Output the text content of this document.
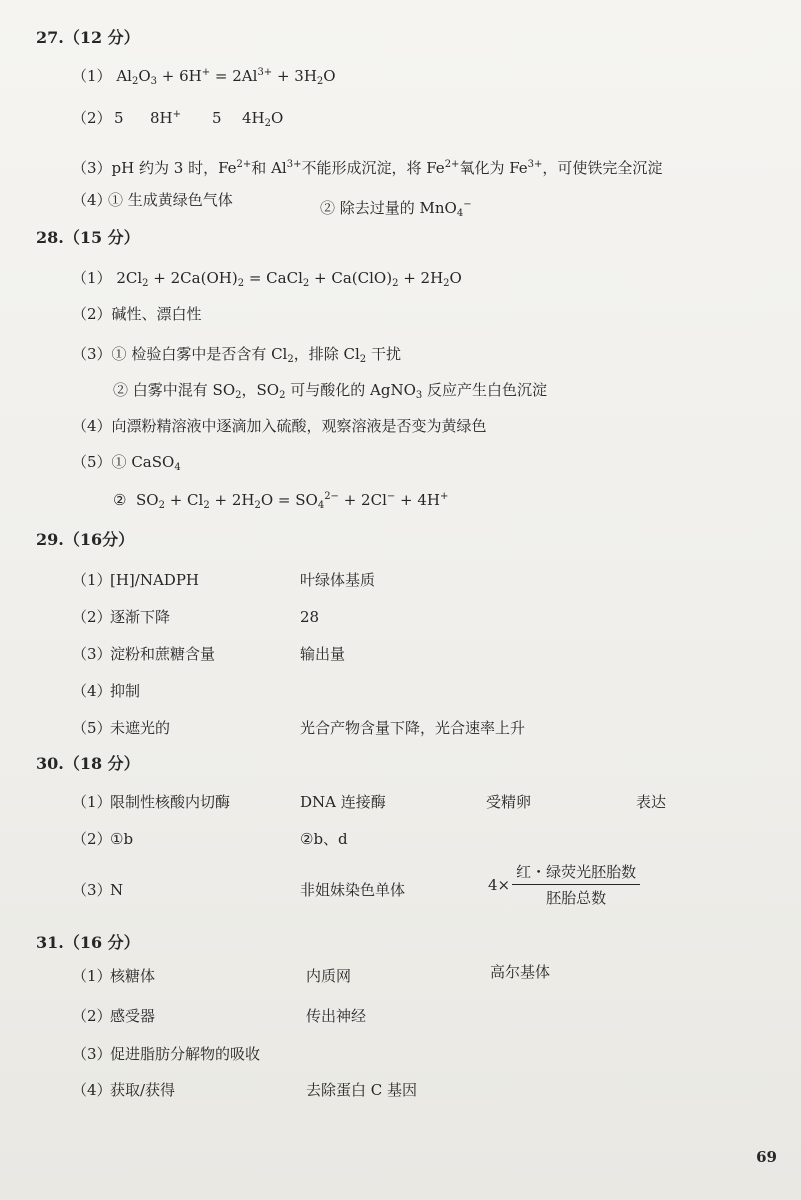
27.（12 分）
（1） $Al_2O_3 + 6H^+ = 2Al^{3+} + 3H_2O$
（2） 5 8H+ 5 $4H_2O$
（3）pH 约为 3 时，$Fe^{2+}$和 $Al^{3+}$不能形成沉淀，将 $Fe^{2+}$氧化为 $Fe^{3+}$，可使铁完全沉淀
（4）
① 生成黄绿色气体	② 除去过量的 MnO$_4$−
28.（15 分）
（1） $2Cl_2 + 2Ca(OH)_2$ = CaCl$_2$ + $Ca(ClO)_2 + 2H_2O$
（2）碱性、漂白性
（3）① 检验白雾中是否含有 $Cl_2$，排除 $Cl_2$ 干扰
② 白雾中混有 $SO_2$，$SO_2$ 可与酸化的 AgNO$_3$ 反应产生白色沉淀
（4）向漂粉精溶液中逐滴加入硫酸，观察溶液是否变为黄绿色
（5）① CaSO$_4$
②  $SO_2 + Cl_2 + 2H_2O = SO_4^{2-} + 2Cl^- + 4H^+$
29.（16分）
（1）
[H]/NADPH	叶绿体基质
（2）
逐渐下降	28
（3）
淀粉和蔗糖含量	输出量
（4）
抑制
（5）
未遮光的	光合产物含量下降，光合速率上升
30.（18 分）
（1）
限制性核酸内切酶	DNA 连接酶	受精卵	表达
（2）
①b	②b、d
（3）
N	非姐妹染色单体	$4\times \frac{\text{红・绿荧光胚胎数}}{\text{胚胎总数}}$
31.（16 分）
（1）
核糖体	内质网	高尔基体
（2）
感受器	传出神经
（3）
促进脂肪分解物的吸收
（4）
获取/获得	去除蛋白 C 基因
69
